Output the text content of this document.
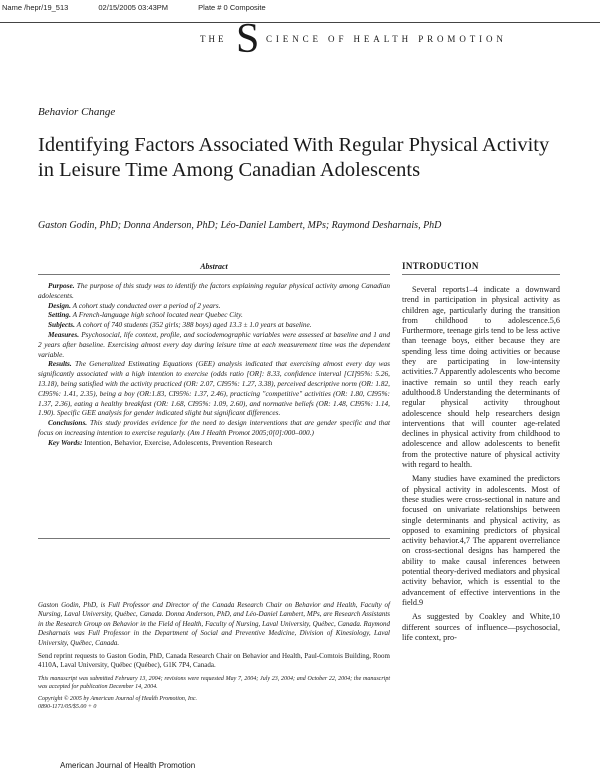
Name /hepr/19_513	02/15/2005 03:43PM	Plate # 0 Composite
THE S CIENCE OF HEALTH PROMOTION
Behavior Change
Identifying Factors Associated With Regular Physical Activity in Leisure Time Among Canadian Adolescents
Gaston Godin, PhD; Donna Anderson, PhD; Léo-Daniel Lambert, MPs; Raymond Desharnais, PhD
Abstract

Purpose. The purpose of this study was to identify the factors explaining regular physical activity among Canadian adolescents.

Design. A cohort study conducted over a period of 2 years.

Setting. A French-language high school located near Quebec City.

Subjects. A cohort of 740 students (352 girls; 388 boys) aged 13.3 ± 1.0 years at baseline.

Measures. Psychosocial, life context, profile, and sociodemographic variables were assessed at baseline and 1 and 2 years after baseline. Exercising almost every day during leisure time at each measurement time was the dependent variable.

Results. The Generalized Estimating Equations (GEE) analysis indicated that exercising almost every day was significantly associated with a high intention to exercise (odds ratio [OR]: 8.33, confidence interval [CI]95%: 5.26, 13.18), being satisfied with the activity practiced (OR: 2.07, CI95%: 1.27, 3.38), perceived descriptive norm (OR: 1.82, CI95%: 1.41, 2.35), being a boy (OR:1.83, CI95%: 1.37, 2.46), practicing "competitive" activities (OR: 1.80, CI95%: 1.37, 2.36), eating a healthy breakfast (OR: 1.68, CI95%: 1.09, 2.60), and normative beliefs (OR: 1.48, CI95%: 1.14, 1.90). Specific GEE analysis for gender indicated slight but significant differences.

Conclusions. This study provides evidence for the need to design interventions that are gender specific and that focus on increasing intention to exercise regularly. (Am J Health Promot 2005;0[0]:000–000.)

Key Words: Intention, Behavior, Exercise, Adolescents, Prevention Research

Gaston Godin, PhD, is Full Professor and Director of the Canada Research Chair on Behavior and Health, Faculty of Nursing, Laval University, Québec, Canada. Donna Anderson, PhD, and Léo-Daniel Lambert, MPs, are Research Assistants in the Research Group on Behavior in the Field of Health, Faculty of Nursing, Laval University, Québec, Canada. Raymond Desharnais was Full Professor in the Department of Social and Preventive Medicine, Division of Kinesiology, Laval University, Québec, Canada.

Send reprint requests to Gaston Godin, PhD, Canada Research Chair on Behavior and Health, Paul-Comtois Building, Room 4110A, Laval University, Québec (Québec), G1K 7P4, Canada.

This manuscript was submitted February 13, 2004; revisions were requested May 7, 2004; July 23, 2004; and October 22, 2004; the manuscript was accepted for publication December 14, 2004.

Copyright © 2005 by American Journal of Health Promotion, Inc.
0890-1171/05/$5.00 + 0

INTRODUCTION

Several reports1–4 indicate a downward trend in participation in physical activity as children age, particularly during the transition from childhood to adolescence.5,6 Furthermore, teenage girls tend to be less active than teenage boys, either because they are spending less time doing activities or because they are participating in low-intensity activities.7 Apparently adolescents who become inactive remain so until they reach early adulthood.8 Understanding the determinants of regular physical activity throughout adolescence should help researchers design interventions that will counter age-related declines in physical activity from childhood to adolescence and allow adolescents to benefit from the protective nature of physical activity with regard to health.

Many studies have examined the predictors of physical activity in adolescents. Most of these studies were cross-sectional in nature and focused on univariate relationships between single determinants and physical activity, as opposed to examining predictors of physical activity behavior.4,7 The apparent overreliance on cross-sectional designs has hampered the ability to make causal inferences between potential theory-derived mediators and physical activity behavior, which is essential to the advancement of effective interventions in the field.9

As suggested by Coakley and White,10 different sources of influence—psychosocial, life context, pro-

American Journal of Health Promotion
